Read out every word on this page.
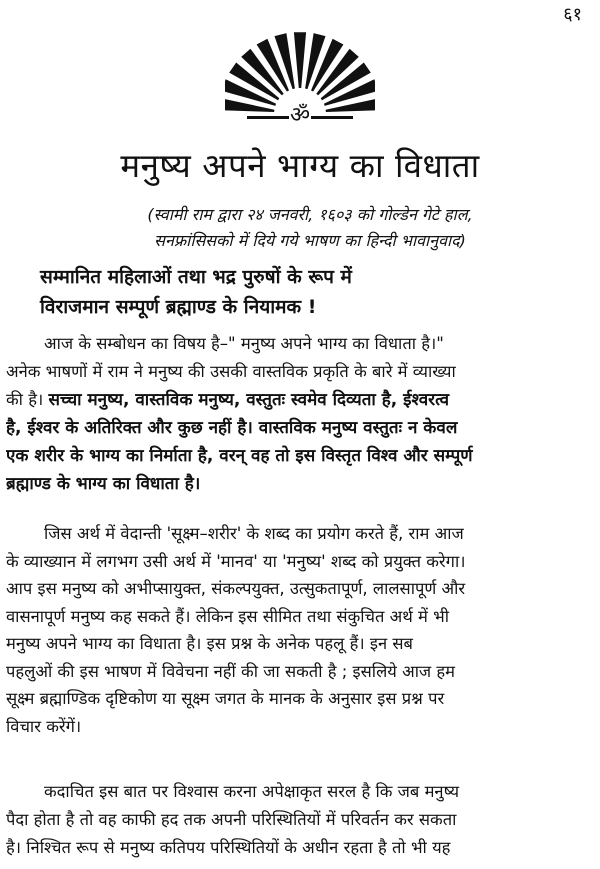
६१
ॐ
मनुष्य अपने भाग्य का विधाता
(स्वामी राम द्वारा २४ जनवरी, १६०३ को गोल्डेन गेटे हाल,
सनफ्रांसिसको में दिये गये भाषण का हिन्दी भावानुवाद)
सम्मानित महिलाओं तथा भद्र पुरुषों के रूप में
विराजमान सम्पूर्ण ब्रह्माण्ड के नियामक !
आज के सम्बोधन का विषय है–" मनुष्य अपने भाग्य का विधाता है।"
अनेक भाषणों में राम ने मनुष्य की उसकी वास्तविक प्रकृति के बारे में व्याख्या
की है। सच्चा मनुष्य, वास्तविक मनुष्य, वस्तुतः स्वमेव दिव्यता है, ईश्वरत्व
है, ईश्वर के अतिरिक्त और कुछ नहीं है। वास्तविक मनुष्य वस्तुतः न केवल
एक शरीर के भाग्य का निर्माता है, वरन् वह तो इस विस्तृत विश्व और सम्पूर्ण
ब्रह्माण्ड के भाग्य का विधाता है।
जिस अर्थ में वेदान्ती 'सूक्ष्म–शरीर' के शब्द का प्रयोग करते हैं, राम आज
के व्याख्यान में लगभग उसी अर्थ में 'मानव' या 'मनुष्य' शब्द को प्रयुक्त करेगा।
आप इस मनुष्य को अभीप्सायुक्त, संकल्पयुक्त, उत्सुकतापूर्ण, लालसापूर्ण और
वासनापूर्ण मनुष्य कह सकते हैं। लेकिन इस सीमित तथा संकुचित अर्थ में भी
मनुष्य अपने भाग्य का विधाता है। इस प्रश्न के अनेक पहलू हैं। इन सब
पहलुओं की इस भाषण में विवेचना नहीं की जा सकती है ; इसलिये आज हम
सूक्ष्म ब्रह्माण्डिक दृष्टिकोण या सूक्ष्म जगत के मानक के अनुसार इस प्रश्न पर
विचार करेंगें।
कदाचित इस बात पर विश्वास करना अपेक्षाकृत सरल है कि जब मनुष्य
पैदा होता है तो वह काफी हद तक अपनी परिस्थितियों में परिवर्तन कर सकता
है। निश्चित रूप से मनुष्य कतिपय परिस्थितियों के अधीन रहता है तो भी यह
